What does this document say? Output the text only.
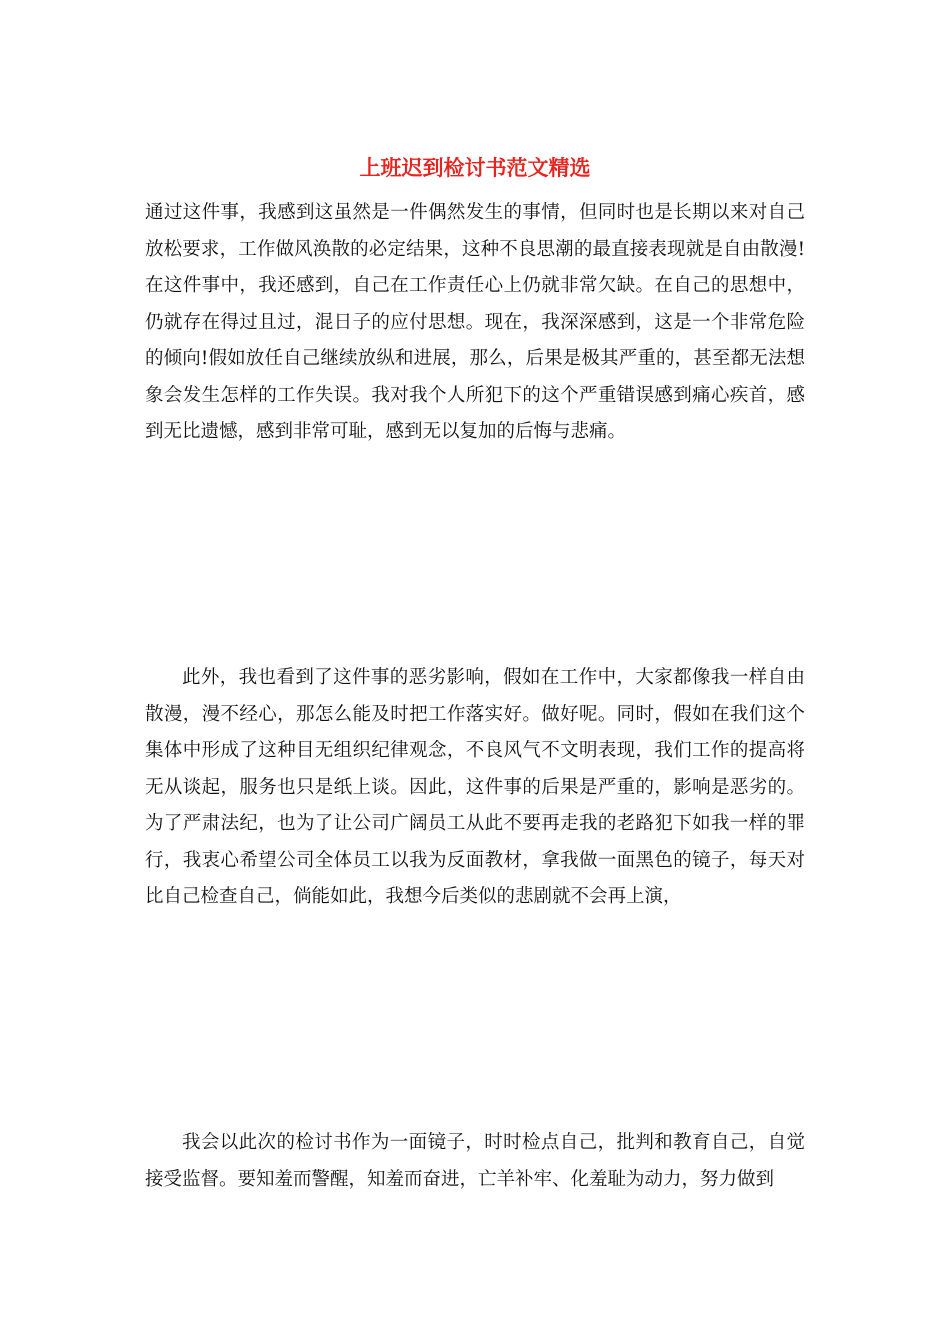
上班迟到检讨书范文精选

通过这件事，我感到这虽然是一件偶然发生的事情，但同时也是长期以来对自己放松要求，工作做风涣散的必定结果，这种不良思潮的最直接表现就是自由散漫!在这件事中，我还感到，自己在工作责任心上仍就非常欠缺。在自己的思想中，仍就存在得过且过，混日子的应付思想。现在，我深深感到，这是一个非常危险的倾向!假如放任自己继续放纵和进展，那么，后果是极其严重的，甚至都无法想象会发生怎样的工作失误。我对我个人所犯下的这个严重错误感到痛心疾首，感到无比遗憾，感到非常可耻，感到无以复加的后悔与悲痛。

此外，我也看到了这件事的恶劣影响，假如在工作中，大家都像我一样自由散漫，漫不经心，那怎么能及时把工作落实好。做好呢。同时，假如在我们这个集体中形成了这种目无组织纪律观念，不良风气不文明表现，我们工作的提高将无从谈起，服务也只是纸上谈。因此，这件事的后果是严重的，影响是恶劣的。为了严肃法纪，也为了让公司广阔员工从此不要再走我的老路犯下如我一样的罪行，我衷心希望公司全体员工以我为反面教材，拿我做一面黑色的镜子，每天对比自己检查自己，倘能如此，我想今后类似的悲剧就不会再上演，

我会以此次的检讨书作为一面镜子，时时检点自己，批判和教育自己，自觉接受监督。要知羞而警醒，知羞而奋进，亡羊补牢、化羞耻为动力，努力做到
